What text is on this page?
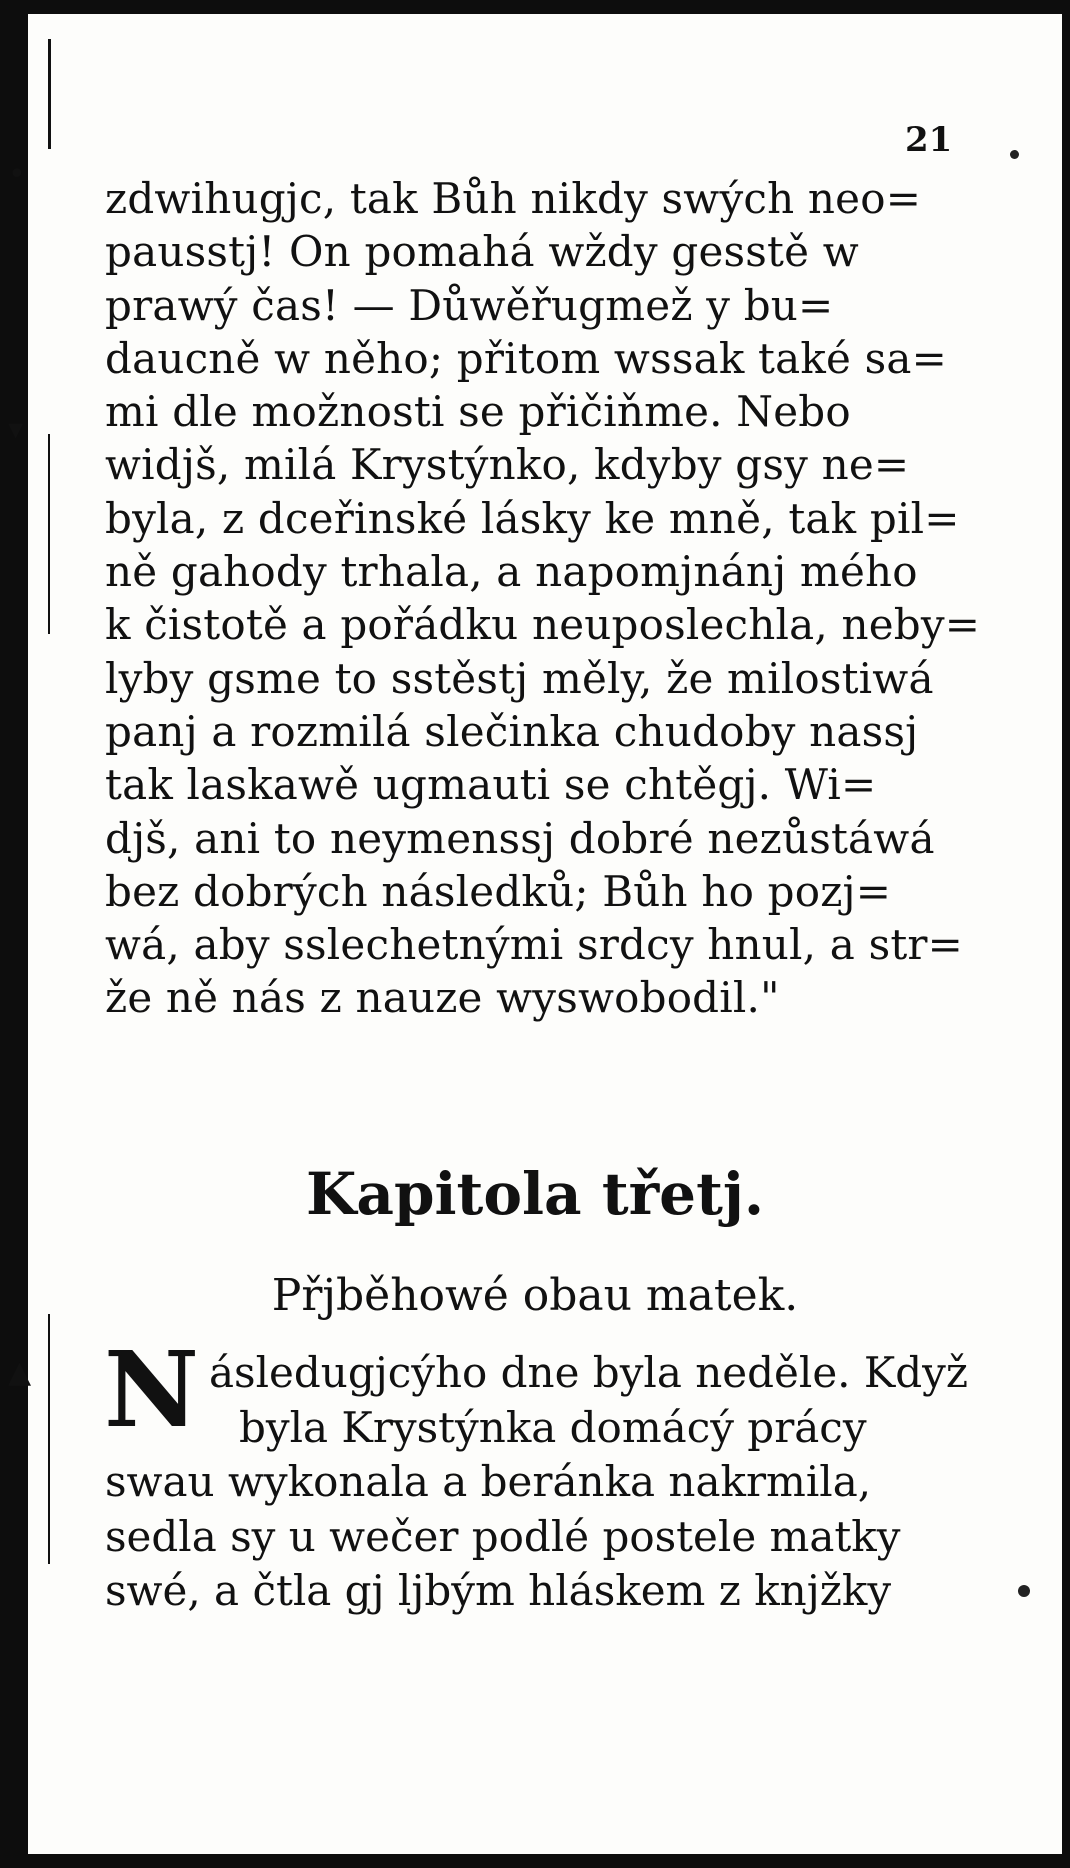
•
▾
▲
21
zdwihugjc, tak Bůh nikdy swých neo=
pausstj! On pomahá wždy gesstě w
prawý čas! — Důwěřugmež y bu=
daucně w něho; přitom wssak také sa=
mi dle možnosti se přičiňme. Nebo
widjš, milá Krystýnko, kdyby gsy ne=
byla, z dceřinské lásky ke mně, tak pil=
ně gahody trhala, a napomjnánj mého
k čistotě a pořádku neuposlechla, neby=
lyby gsme to sstěstj měly, že milostiwá
panj a rozmilá slečinka chudoby nassj
tak laskawě ugmauti se chtěgj. Wi=
djš, ani to neymenssj dobré nezůstáwá
bez dobrých následků; Bůh ho pozj=
wá, aby sslechetnými srdcy hnul, a str=
že ně nás z nauze wyswobodil."
Kapitola třetj.
Přjběhowé obau matek.
N ásledugjcýho dne byla neděle. Když
byla Krystýnka domácý prácy
swau wykonala a beránka nakrmila,
sedla sy u wečer podlé postele matky
swé, a čtla gj ljbým hláskem z knjžky
